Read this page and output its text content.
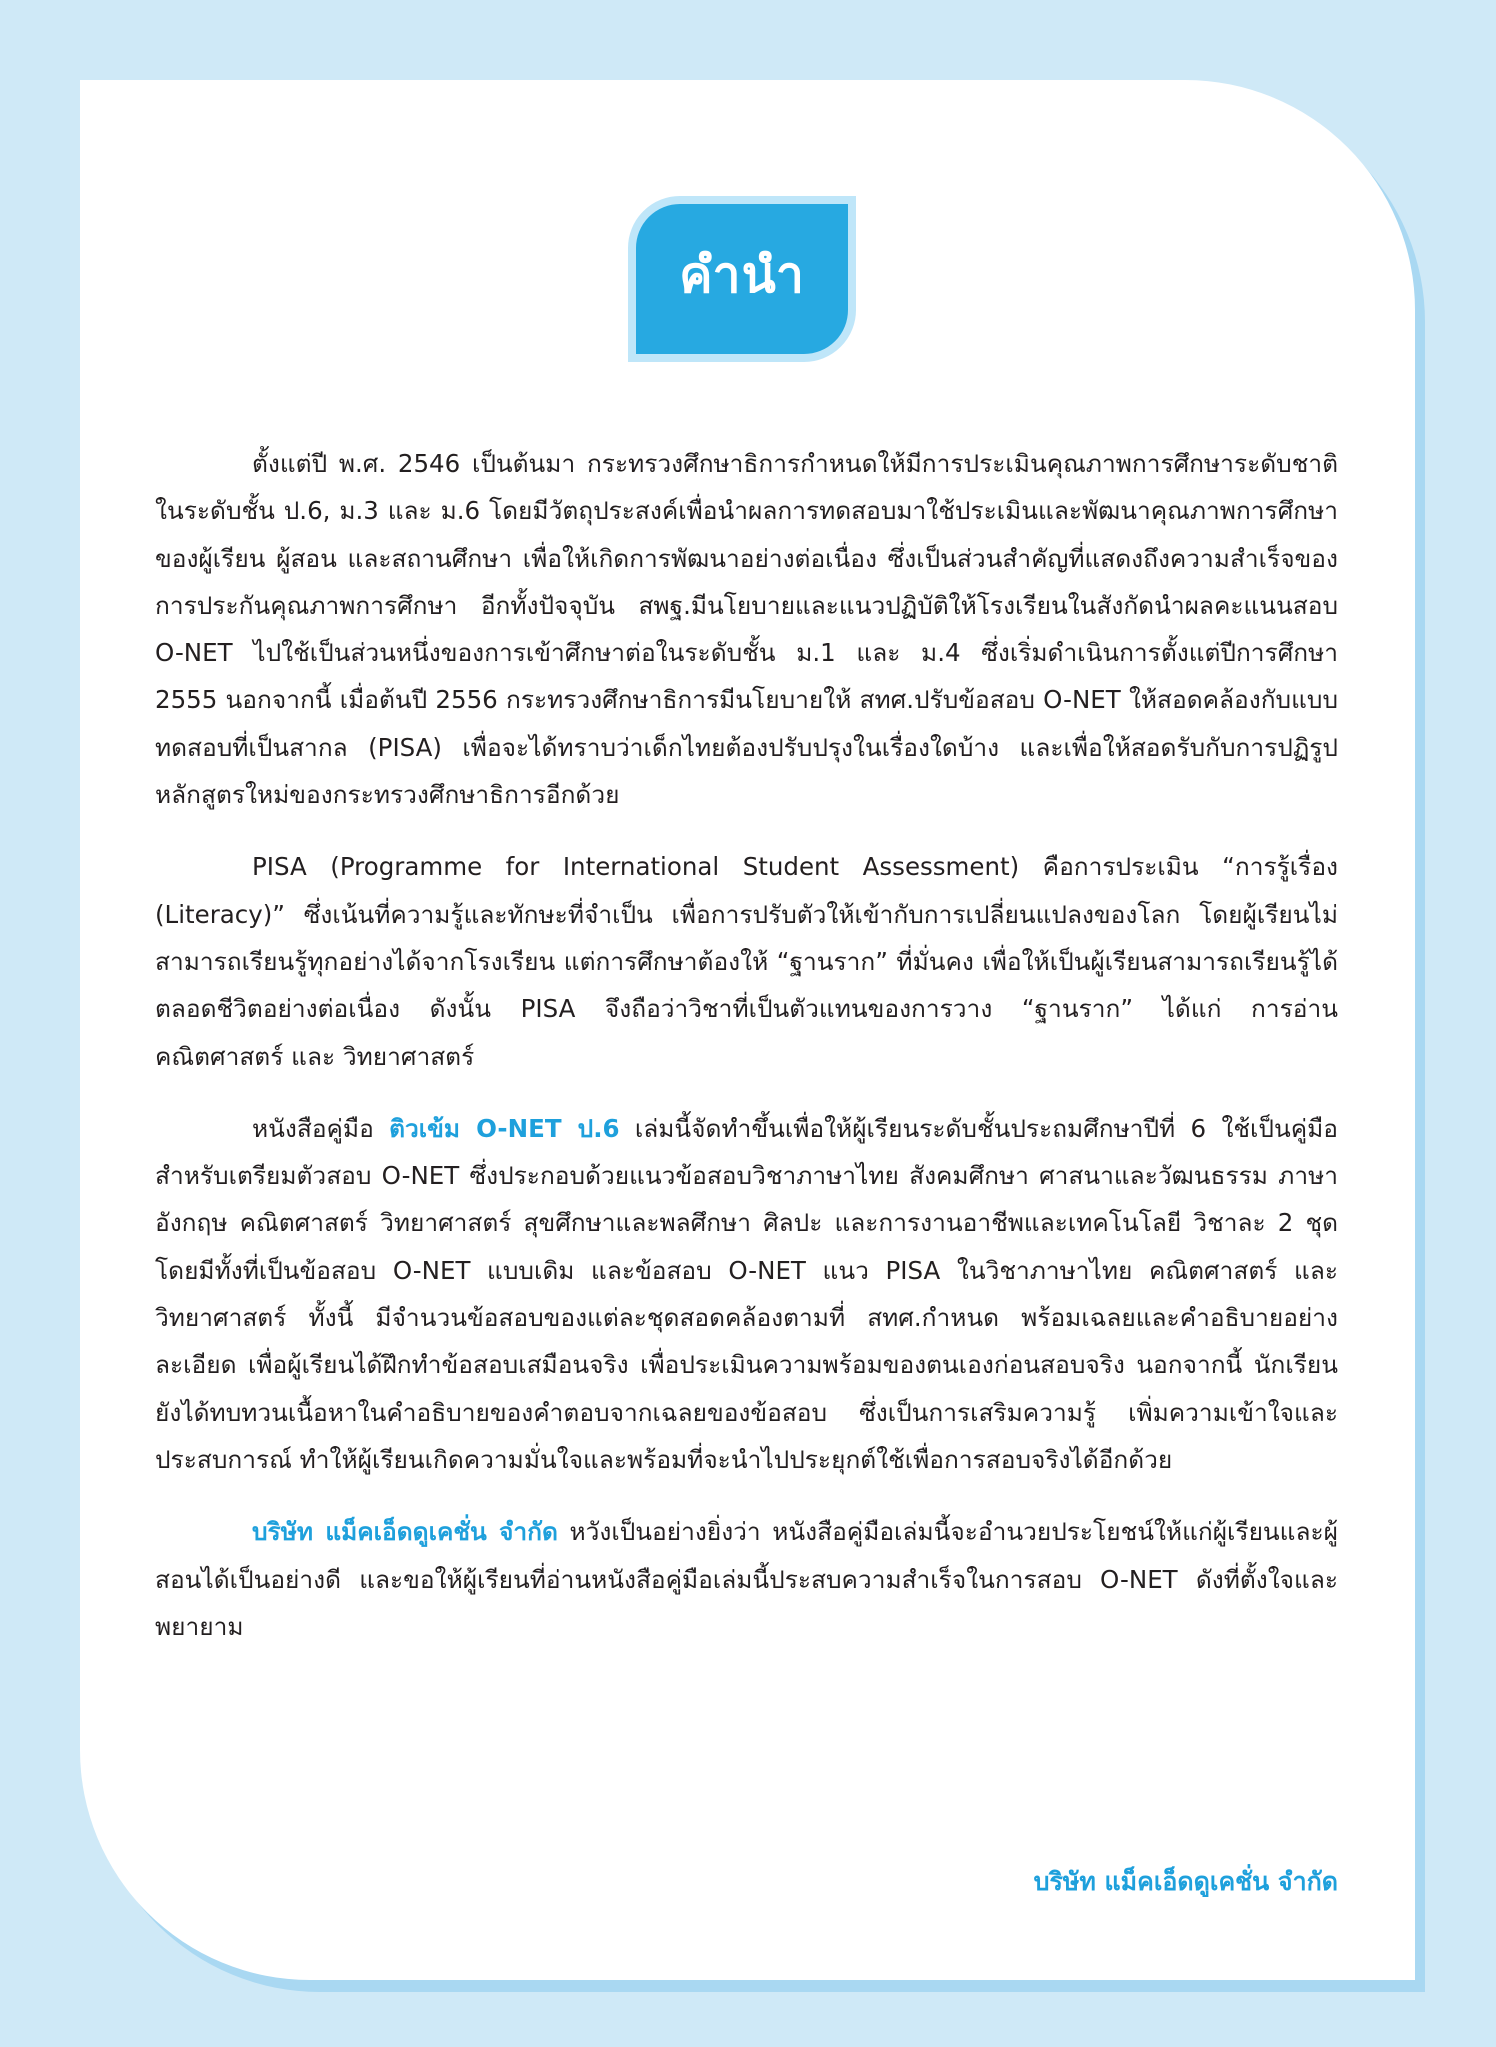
คำนำ

ตั้งแต่ปี พ.ศ. 2546 เป็นต้นมา กระทรวงศึกษาธิการกำหนดให้มีการประเมินคุณภาพการศึกษาระดับชาติในระดับชั้น ป.6, ม.3 และ ม.6 โดยมีวัตถุประสงค์เพื่อนำผลการทดสอบมาใช้ประเมินและพัฒนาคุณภาพการศึกษาของผู้เรียน ผู้สอน และสถานศึกษา เพื่อให้เกิดการพัฒนาอย่างต่อเนื่อง ซึ่งเป็นส่วนสำคัญที่แสดงถึงความสำเร็จของการประกันคุณภาพการศึกษา อีกทั้งปัจจุบัน สพฐ.มีนโยบายและแนวปฏิบัติให้โรงเรียนในสังกัดนำผลคะแนนสอบ O-NET ไปใช้เป็นส่วนหนึ่งของการเข้าศึกษาต่อในระดับชั้น ม.1 และ ม.4 ซึ่งเริ่มดำเนินการตั้งแต่ปีการศึกษา 2555 นอกจากนี้ เมื่อต้นปี 2556 กระทรวงศึกษาธิการมีนโยบายให้ สทศ.ปรับข้อสอบ O-NET ให้สอดคล้องกับแบบทดสอบที่เป็นสากล (PISA) เพื่อจะได้ทราบว่าเด็กไทยต้องปรับปรุงในเรื่องใดบ้าง และเพื่อให้สอดรับกับการปฏิรูปหลักสูตรใหม่ของกระทรวงศึกษาธิการอีกด้วย

PISA (Programme for International Student Assessment) คือการประเมิน “การรู้เรื่อง (Literacy)” ซึ่งเน้นที่ความรู้และทักษะที่จำเป็น เพื่อการปรับตัวให้เข้ากับการเปลี่ยนแปลงของโลก โดยผู้เรียนไม่สามารถเรียนรู้ทุกอย่างได้จากโรงเรียน แต่การศึกษาต้องให้ “ฐานราก” ที่มั่นคง เพื่อให้เป็นผู้เรียนสามารถเรียนรู้ได้ตลอดชีวิตอย่างต่อเนื่อง ดังนั้น PISA จึงถือว่าวิชาที่เป็นตัวแทนของการวาง “ฐานราก” ได้แก่ การอ่าน คณิตศาสตร์ และ วิทยาศาสตร์

หนังสือคู่มือ ติวเข้ม O-NET ป.6 เล่มนี้จัดทำขึ้นเพื่อให้ผู้เรียนระดับชั้นประถมศึกษาปีที่ 6 ใช้เป็นคู่มือสำหรับเตรียมตัวสอบ O-NET ซึ่งประกอบด้วยแนวข้อสอบวิชาภาษาไทย สังคมศึกษา ศาสนาและวัฒนธรรม ภาษาอังกฤษ คณิตศาสตร์ วิทยาศาสตร์ สุขศึกษาและพลศึกษา ศิลปะ และการงานอาชีพและเทคโนโลยี วิชาละ 2 ชุด โดยมีทั้งที่เป็นข้อสอบ O-NET แบบเดิม และข้อสอบ O-NET แนว PISA ในวิชาภาษาไทย คณิตศาสตร์ และวิทยาศาสตร์ ทั้งนี้ มีจำนวนข้อสอบของแต่ละชุดสอดคล้องตามที่ สทศ.กำหนด พร้อมเฉลยและคำอธิบายอย่างละเอียด เพื่อผู้เรียนได้ฝึกทำข้อสอบเสมือนจริง เพื่อประเมินความพร้อมของตนเองก่อนสอบจริง นอกจากนี้ นักเรียนยังได้ทบทวนเนื้อหาในคำอธิบายของคำตอบจากเฉลยของข้อสอบ ซึ่งเป็นการเสริมความรู้ เพิ่มความเข้าใจและประสบการณ์ ทำให้ผู้เรียนเกิดความมั่นใจและพร้อมที่จะนำไปประยุกต์ใช้เพื่อการสอบจริงได้อีกด้วย

บริษัท แม็คเอ็ดดูเคชั่น จำกัด หวังเป็นอย่างยิ่งว่า หนังสือคู่มือเล่มนี้จะอำนวยประโยชน์ให้แก่ผู้เรียนและผู้สอนได้เป็นอย่างดี และขอให้ผู้เรียนที่อ่านหนังสือคู่มือเล่มนี้ประสบความสำเร็จในการสอบ O-NET ดังที่ตั้งใจและพยายาม

บริษัท แม็คเอ็ดดูเคชั่น จำกัด
